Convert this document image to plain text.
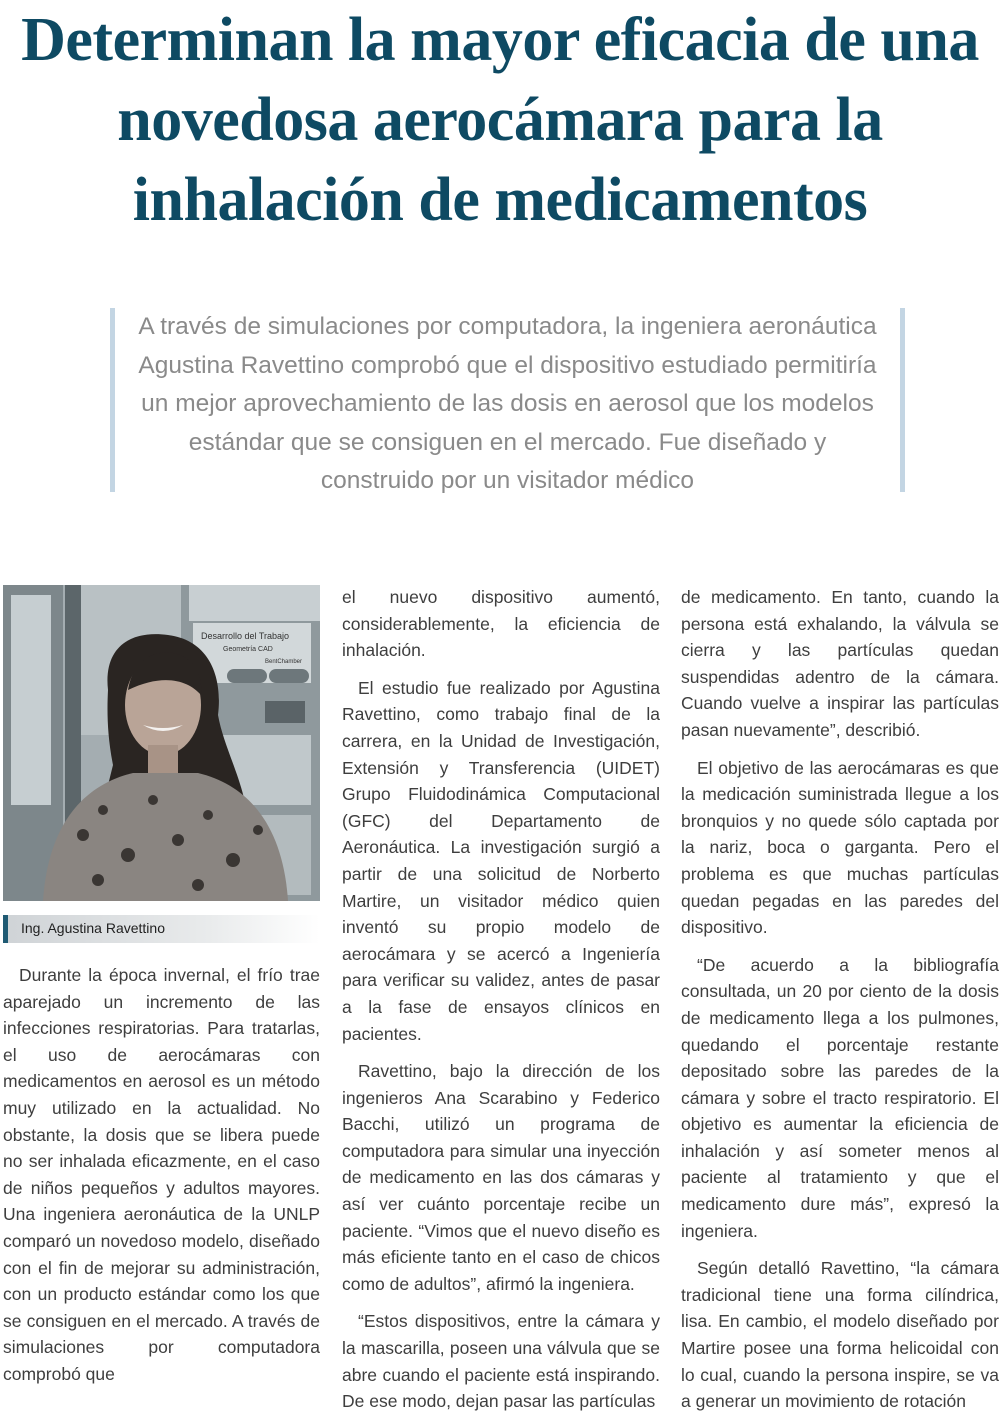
Determinan la mayor eficacia de una novedosa aerocámara para la inhalación de medicamentos

A través de simulaciones por computadora, la ingeniera aeronáutica Agustina Ravettino comprobó que el dispositivo estudiado permitiría un mejor aprovechamiento de las dosis en aerosol que los modelos estándar que se consiguen en el mercado. Fue diseñado y construido por un visitador médico

Desarrollo del Trabajo
Geometría CAD
BentChamber
Ing. Agustina Ravettino

Durante la época invernal, el frío trae aparejado un incremento de las infecciones respiratorias. Para tratarlas, el uso de aerocámaras con medicamentos en aerosol es un método muy utilizado en la actualidad. No obstante, la dosis que se libera puede no ser inhalada eficazmente, en el caso de niños pequeños y adultos mayores. Una ingeniera aeronáutica de la UNLP comparó un novedoso modelo, diseñado con el fin de mejorar su administración, con un producto estándar como los que se consiguen en el mercado. A través de simulaciones por computadora comprobó que

el nuevo dispositivo aumentó, considerablemente, la eficiencia de inhalación.

El estudio fue realizado por Agustina Ravettino, como trabajo final de la carrera, en la Unidad de Investigación, Extensión y Transferencia (UIDET) Grupo Fluidodinámica Computacional (GFC) del Departamento de Aeronáutica. La investigación surgió a partir de una solicitud de Norberto Martire, un visitador médico quien inventó su propio modelo de aerocámara y se acercó a Ingeniería para verificar su validez, antes de pasar a la fase de ensayos clínicos en pacientes.

Ravettino, bajo la dirección de los ingenieros Ana Scarabino y Federico Bacchi, utilizó un programa de computadora para simular una inyección de medicamento en las dos cámaras y así ver cuánto porcentaje recibe un paciente. “Vimos que el nuevo diseño es más eficiente tanto en el caso de chicos como de adultos”, afirmó la ingeniera.

“Estos dispositivos, entre la cámara y la mascarilla, poseen una válvula que se abre cuando el paciente está inspirando. De ese modo, dejan pasar las partículas

de medicamento. En tanto, cuando la persona está exhalando, la válvula se cierra y las partículas quedan suspendidas adentro de la cámara. Cuando vuelve a inspirar las partículas pasan nuevamente”, describió.

El objetivo de las aerocámaras es que la medicación suministrada llegue a los bronquios y no quede sólo captada por la nariz, boca o garganta. Pero el problema es que muchas partículas quedan pegadas en las paredes del dispositivo.

“De acuerdo a la bibliografía consultada, un 20 por ciento de la dosis de medicamento llega a los pulmones, quedando el porcentaje restante depositado sobre las paredes de la cámara y sobre el tracto respiratorio. El objetivo es aumentar la eficiencia de inhalación y así someter menos al paciente al tratamiento y que el medicamento dure más”, expresó la ingeniera.

Según detalló Ravettino, “la cámara tradicional tiene una forma cilíndrica, lisa. En cambio, el modelo diseñado por Martire posee una forma helicoidal con lo cual, cuando la persona inspire, se va a generar un movimiento de rotación
